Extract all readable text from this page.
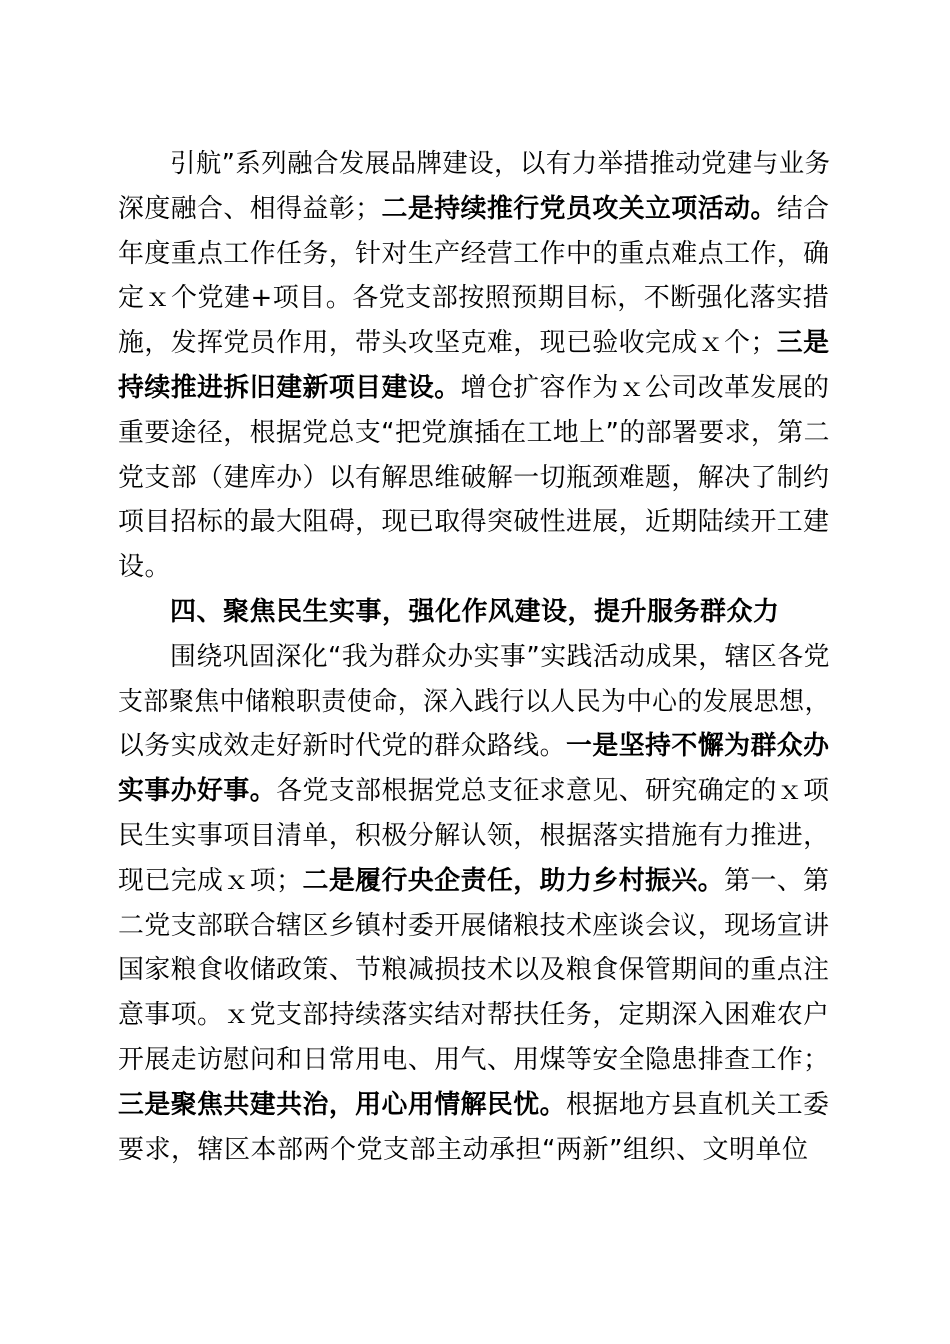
引航”系列融合发展品牌建设，以有力举措推动党建与业务
深度融合、相得益彰；二是持续推行党员攻关立项活动。结合
年度重点工作任务，针对生产经营工作中的重点难点工作，确
定ｘ个党建+项目。各党支部按照预期目标，不断强化落实措
施，发挥党员作用，带头攻坚克难，现已验收完成ｘ个；三是
持续推进拆旧建新项目建设。增仓扩容作为ｘ公司改革发展的
重要途径，根据党总支“把党旗插在工地上”的部署要求，第二
党支部（建库办）以有解思维破解一切瓶颈难题，解决了制约
项目招标的最大阻碍，现已取得突破性进展，近期陆续开工建
设。
四、聚焦民生实事，强化作风建设，提升服务群众力
围绕巩固深化“我为群众办实事”实践活动成果，辖区各党
支部聚焦中储粮职责使命，深入践行以人民为中心的发展思想，
以务实成效走好新时代党的群众路线。一是坚持不懈为群众办
实事办好事。各党支部根据党总支征求意见、研究确定的ｘ项
民生实事项目清单，积极分解认领，根据落实措施有力推进，
现已完成ｘ项；二是履行央企责任，助力乡村振兴。第一、第
二党支部联合辖区乡镇村委开展储粮技术座谈会议，现场宣讲
国家粮食收储政策、节粮减损技术以及粮食保管期间的重点注
意事项。ｘ党支部持续落实结对帮扶任务，定期深入困难农户
开展走访慰问和日常用电、用气、用煤等安全隐患排查工作；
三是聚焦共建共治，用心用情解民忧。根据地方县直机关工委
要求，辖区本部两个党支部主动承担“两新”组织、文明单位
